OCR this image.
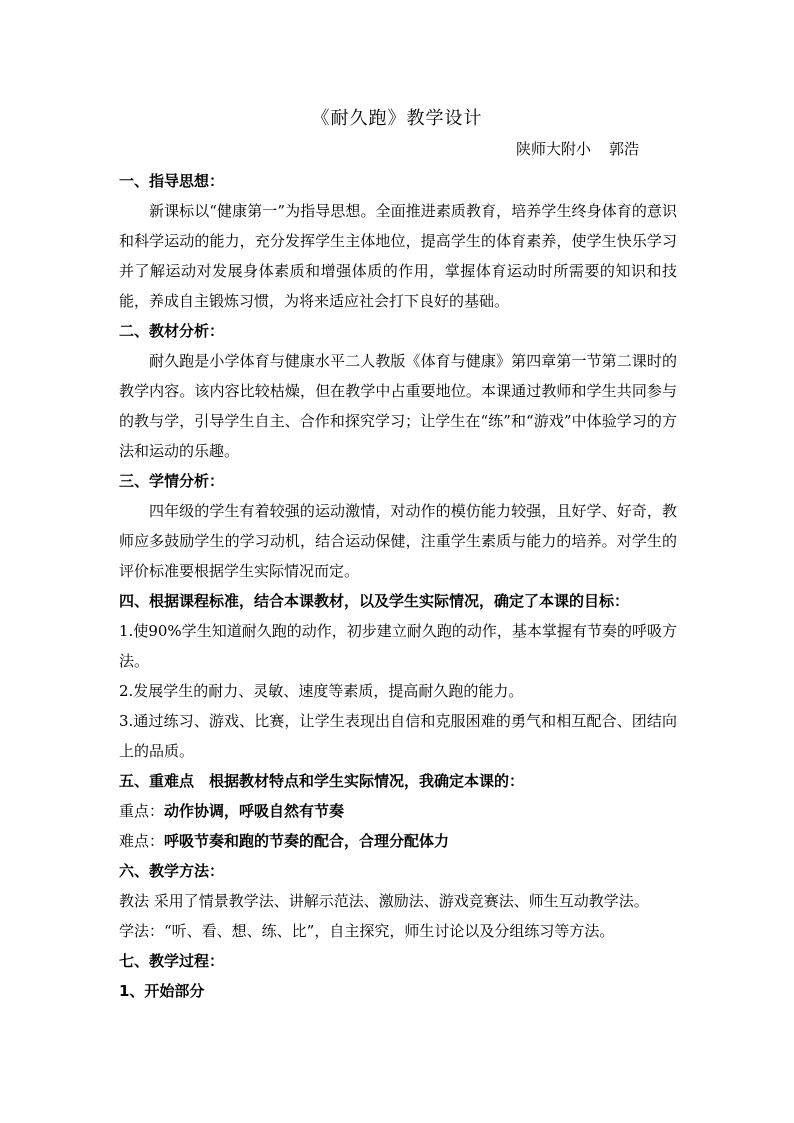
《耐久跑》教学设计
陕师大附小 郭浩
一、指导思想：
新课标以“健康第一”为指导思想。全面推进素质教育，培养学生终身体育的意识和科学运动的能力，充分发挥学生主体地位，提高学生的体育素养，使学生快乐学习并了解运动对发展身体素质和增强体质的作用，掌握体育运动时所需要的知识和技能，养成自主锻炼习惯，为将来适应社会打下良好的基础。
二、教材分析：
耐久跑是小学体育与健康水平二人教版《体育与健康》第四章第一节第二课时的教学内容。该内容比较枯燥，但在教学中占重要地位。本课通过教师和学生共同参与的教与学，引导学生自主、合作和探究学习；让学生在“练”和“游戏”中体验学习的方法和运动的乐趣。
三、学情分析：
四年级的学生有着较强的运动激情，对动作的模仿能力较强，且好学、好奇，教师应多鼓励学生的学习动机，结合运动保健，注重学生素质与能力的培养。对学生的评价标准要根据学生实际情况而定。
四、根据课程标准，结合本课教材，以及学生实际情况，确定了本课的目标：
1.使90%学生知道耐久跑的动作，初步建立耐久跑的动作，基本掌握有节奏的呼吸方法。
2.发展学生的耐力、灵敏、速度等素质，提高耐久跑的能力。
3.通过练习、游戏、比赛，让学生表现出自信和克服困难的勇气和相互配合、团结向上的品质。
五、重难点　根据教材特点和学生实际情况，我确定本课的：
重点：动作协调，呼吸自然有节奏
难点：呼吸节奏和跑的节奏的配合，合理分配体力
六、教学方法：
教法 采用了情景教学法、讲解示范法、激励法、游戏竞赛法、师生互动教学法。
学法：“听、看、想、练、比”，自主探究，师生讨论以及分组练习等方法。
七、教学过程：
1、开始部分
